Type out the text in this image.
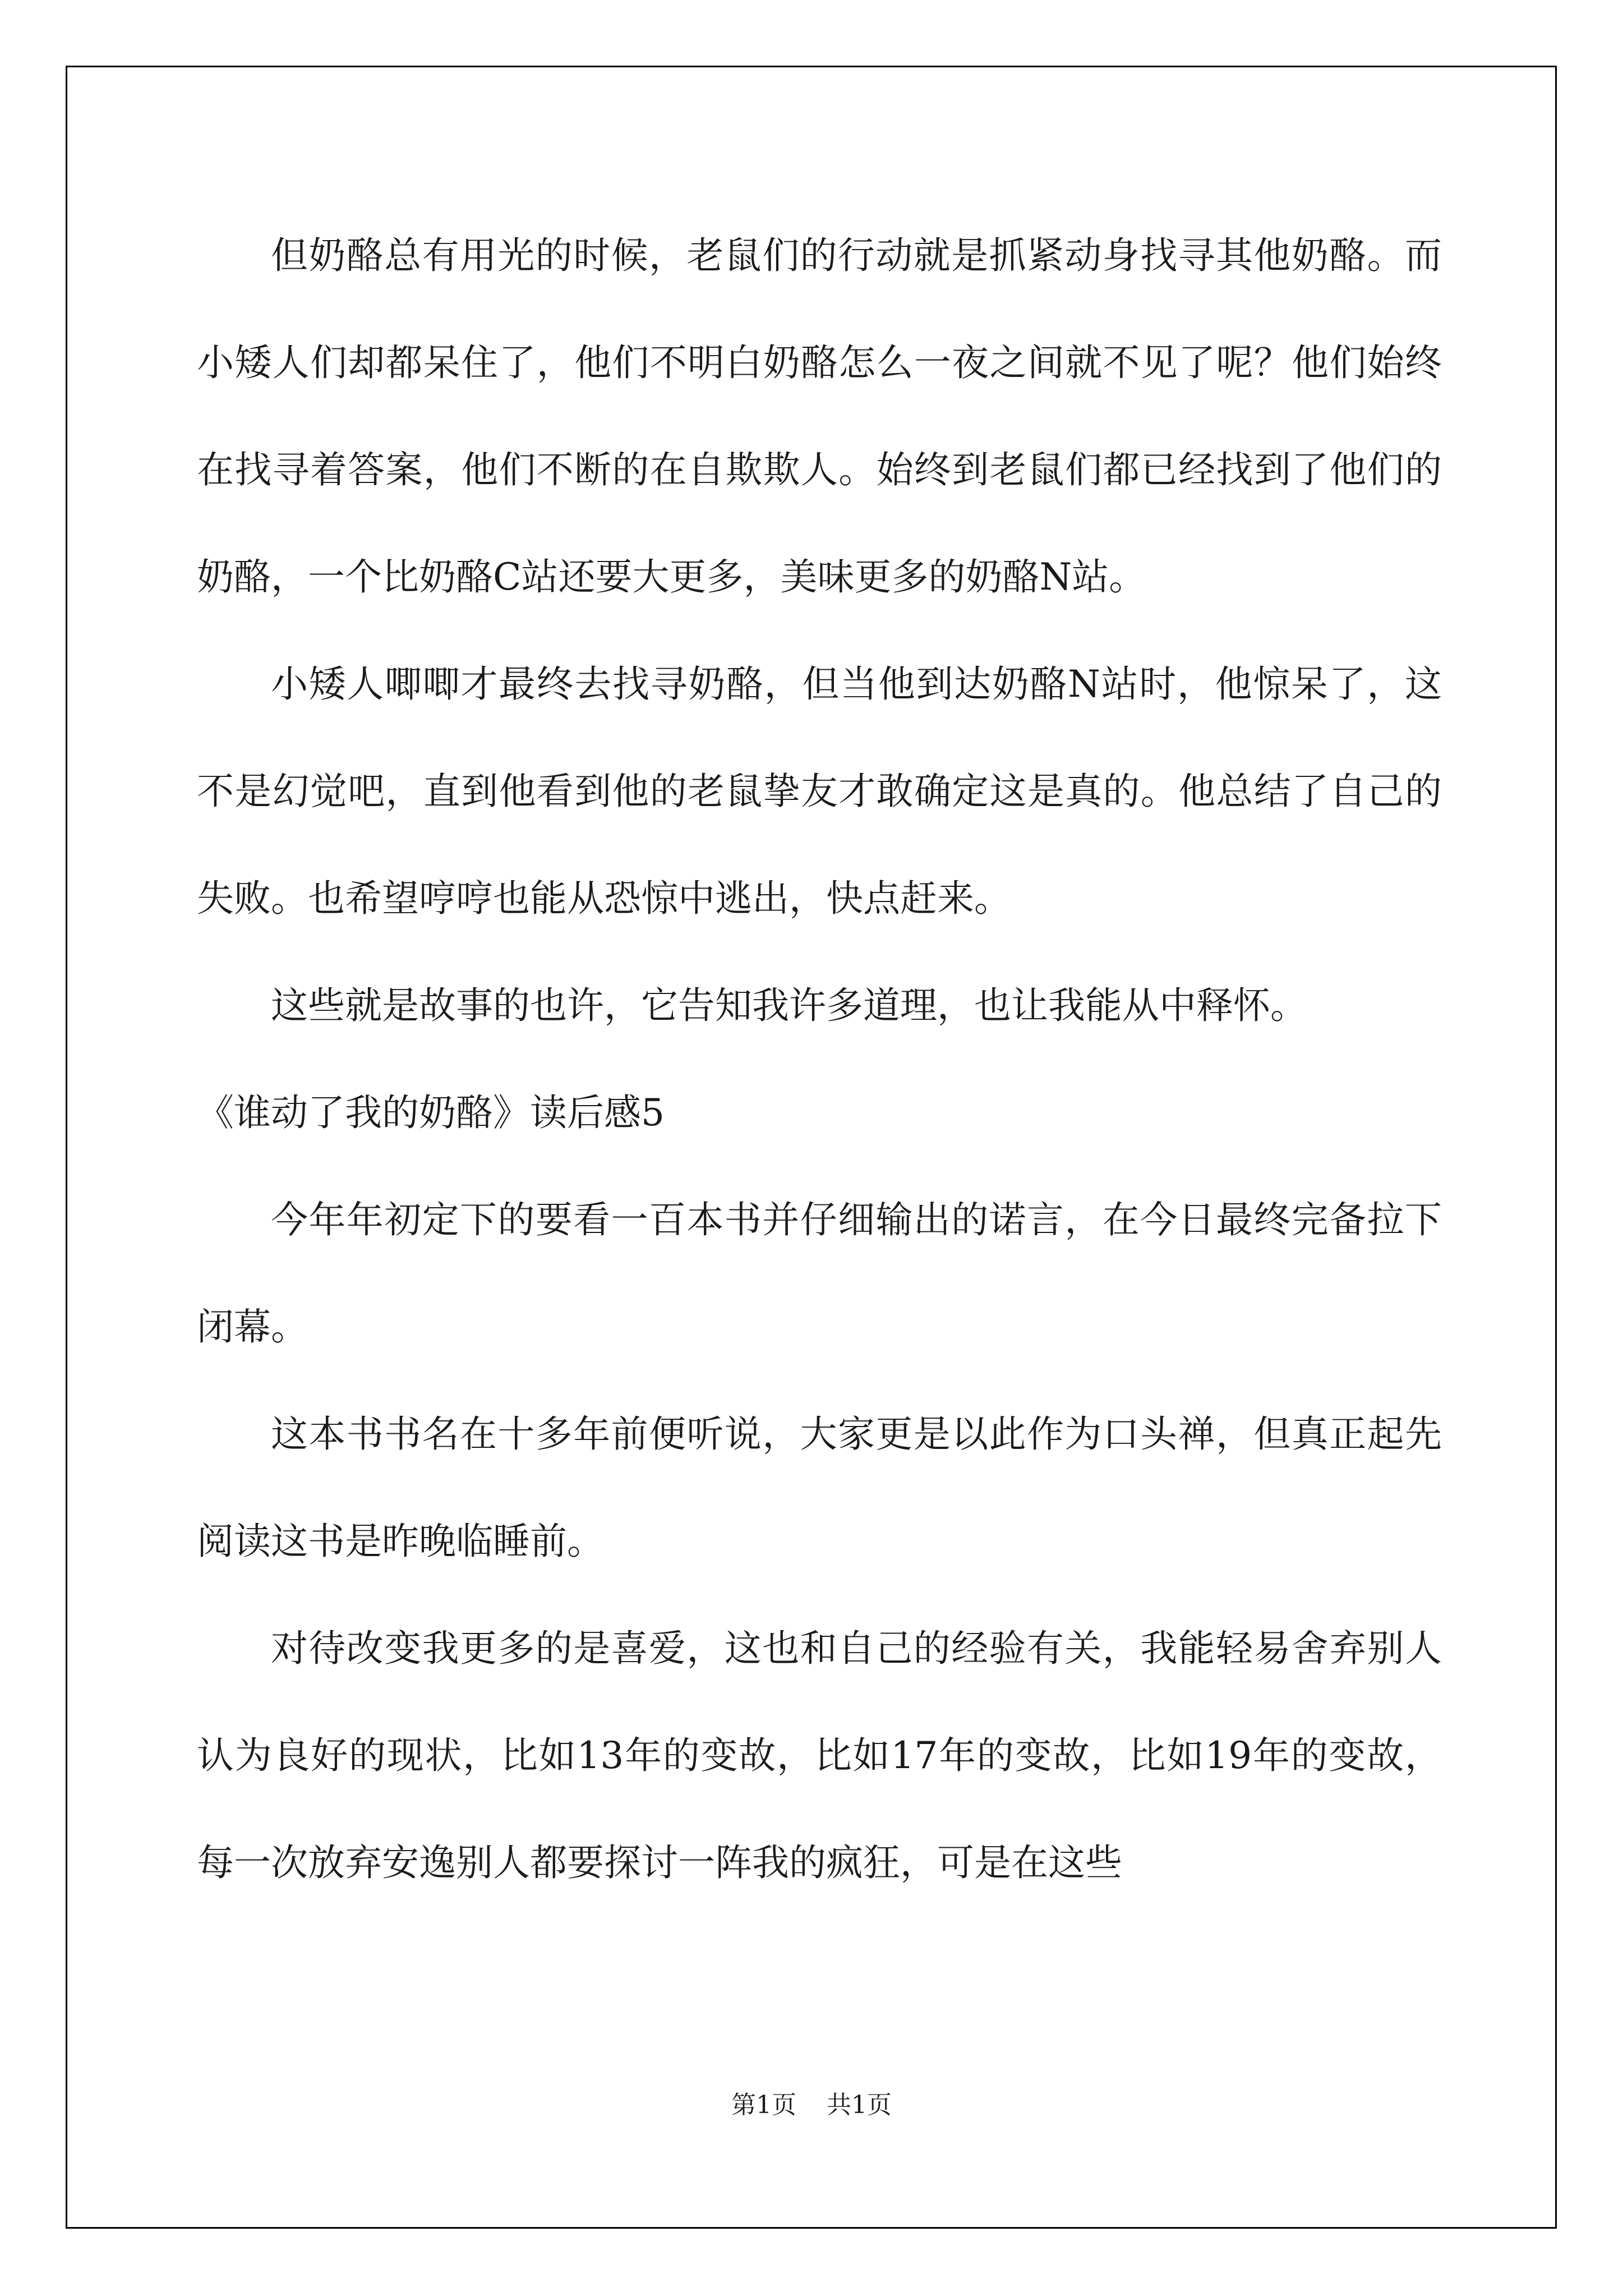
但奶酪总有用光的时候，老鼠们的行动就是抓紧动身找寻其他奶酪。而小矮人们却都呆住了，他们不明白奶酪怎么一夜之间就不见了呢？他们始终在找寻着答案，他们不断的在自欺欺人。始终到老鼠们都已经找到了他们的奶酪，一个比奶酪C站还要大更多，美味更多的奶酪N站。

小矮人唧唧才最终去找寻奶酪，但当他到达奶酪N站时，他惊呆了，这不是幻觉吧，直到他看到他的老鼠挚友才敢确定这是真的。他总结了自己的失败。也希望哼哼也能从恐惊中逃出，快点赶来。

这些就是故事的也许，它告知我许多道理，也让我能从中释怀。

《谁动了我的奶酪》读后感5

今年年初定下的要看一百本书并仔细输出的诺言，在今日最终完备拉下闭幕。

这本书书名在十多年前便听说，大家更是以此作为口头禅，但真正起先阅读这书是昨晚临睡前。

对待改变我更多的是喜爱，这也和自己的经验有关，我能轻易舍弃别人认为良好的现状，比如13年的变故，比如17年的变故，比如19年的变故，每一次放弃安逸别人都要探讨一阵我的疯狂，可是在这些

第1页 共1页
